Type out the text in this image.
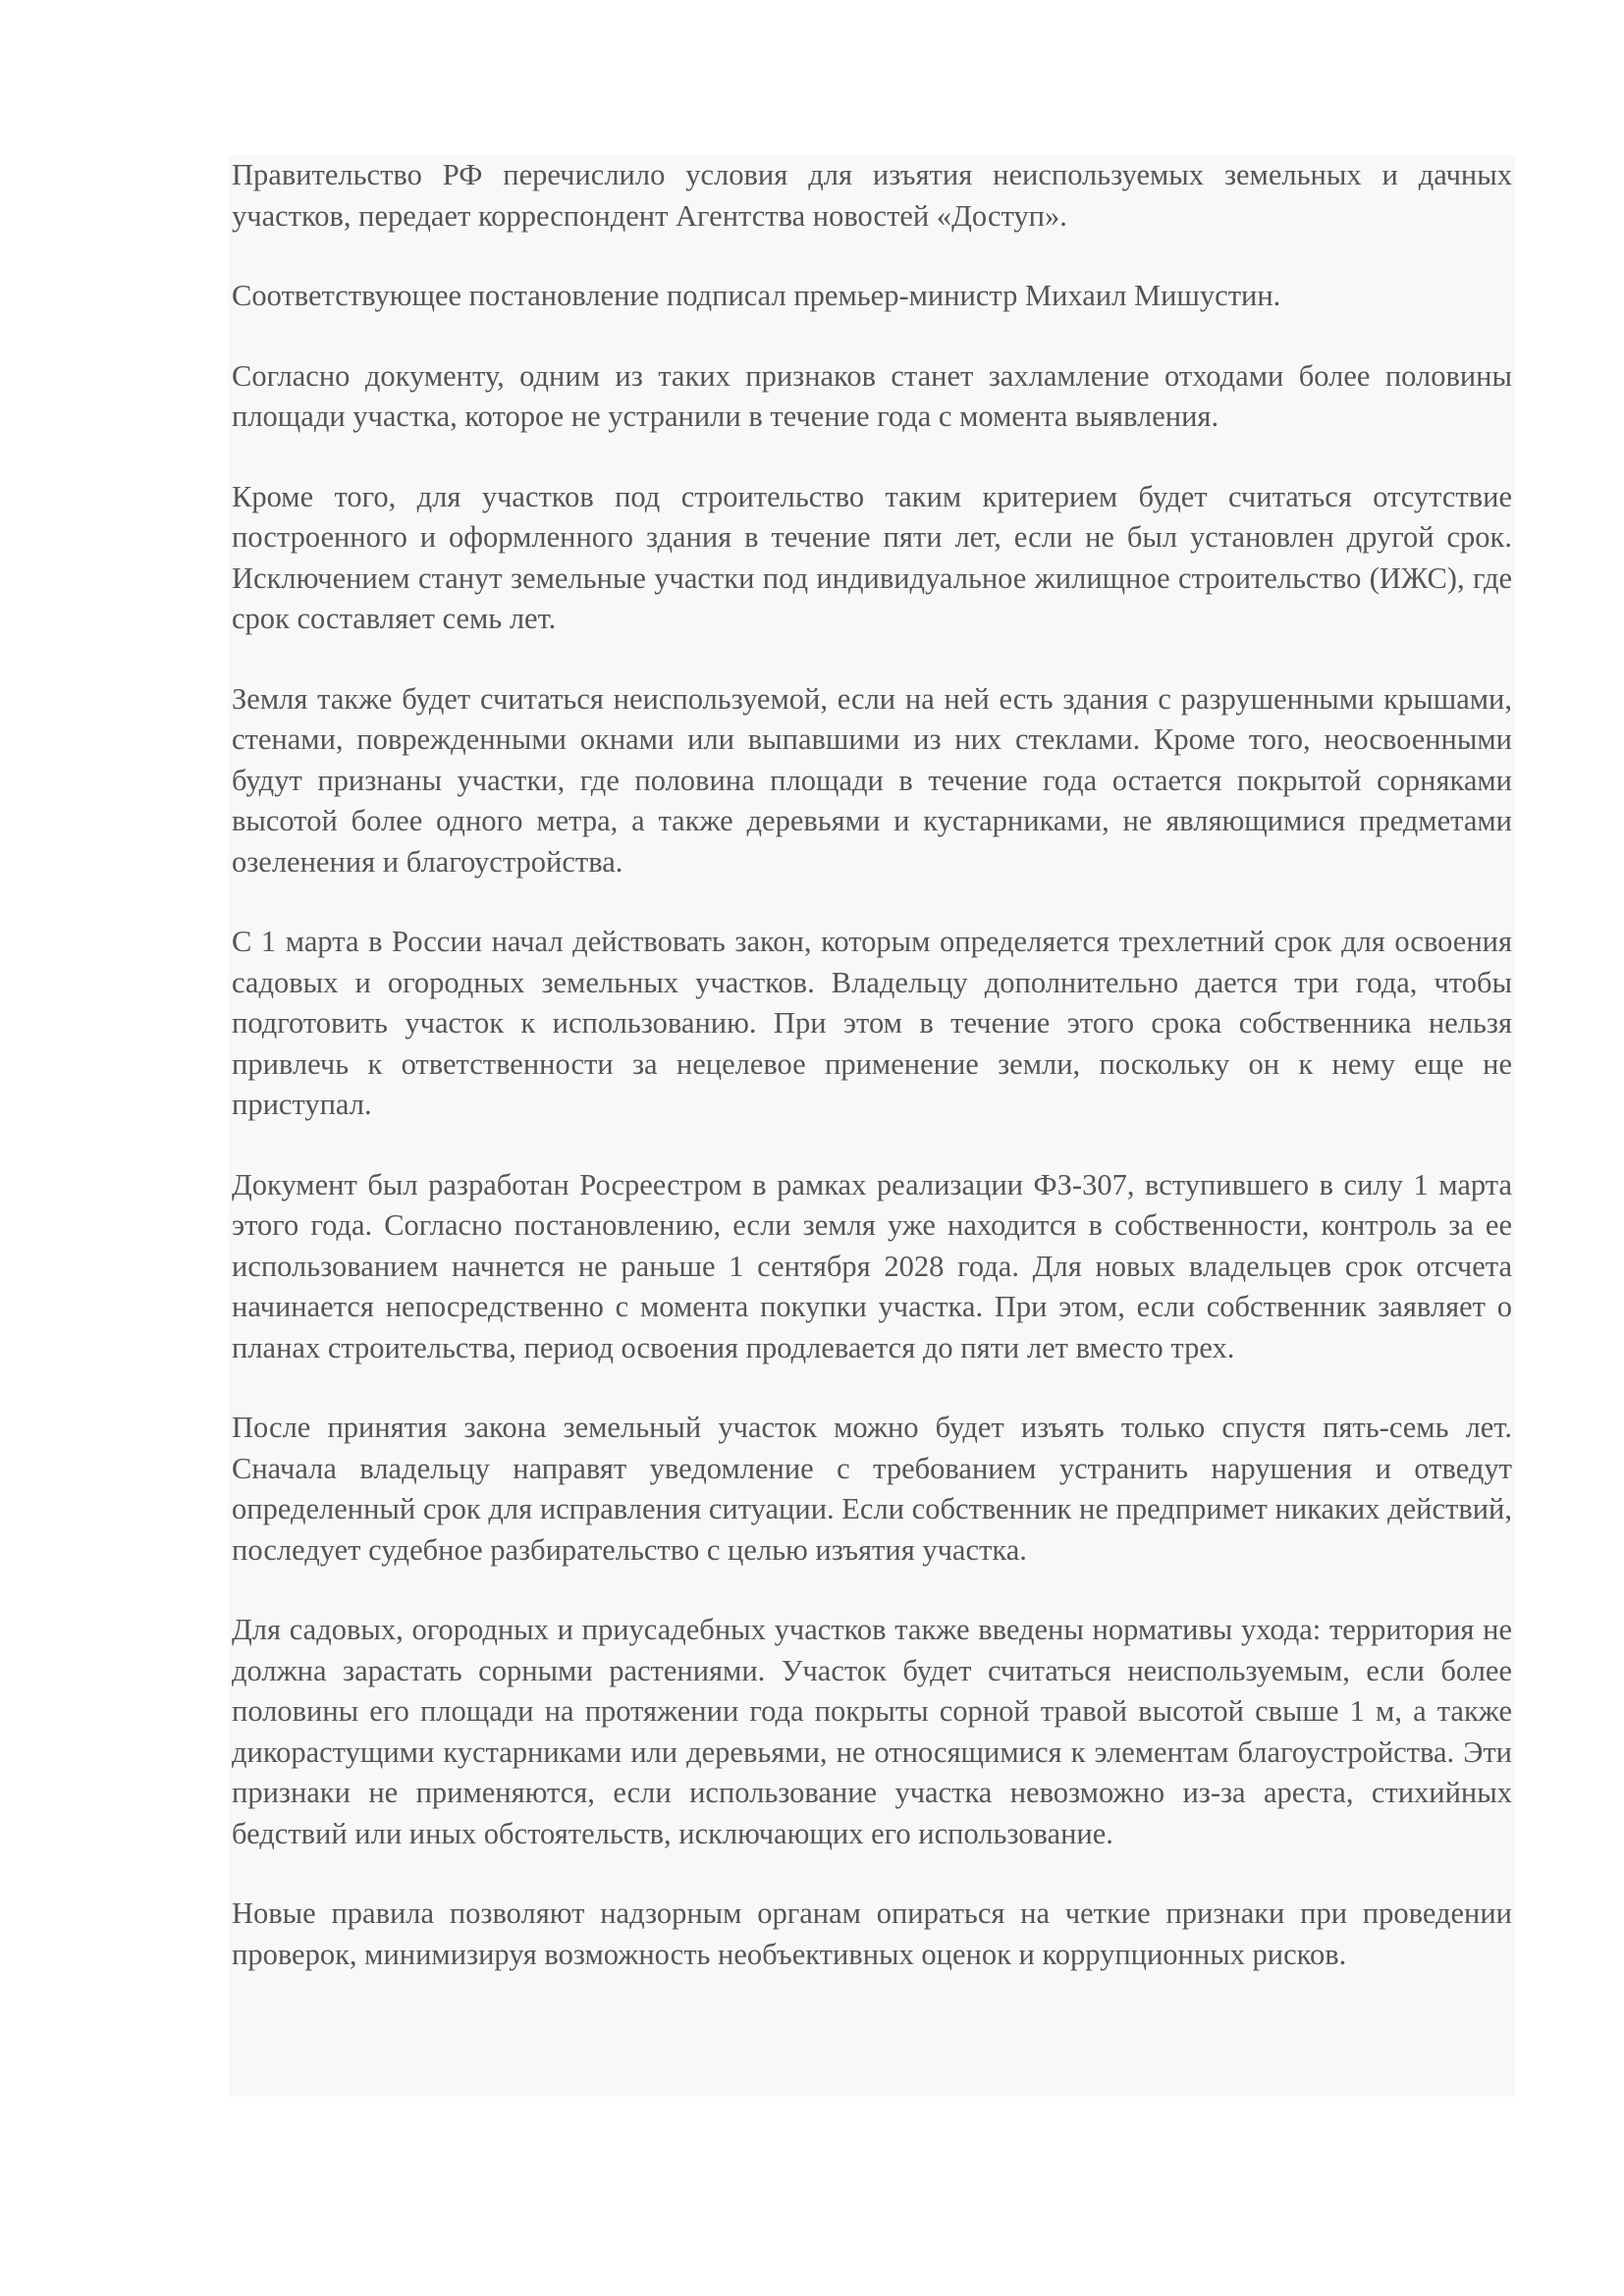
Правительство РФ перечислило условия для изъятия неиспользуемых земельных и дачных участков, передает корреспондент Агентства новостей «Доступ».

Соответствующее постановление подписал премьер-министр Михаил Мишустин.

Согласно документу, одним из таких признаков станет захламление отходами более половины площади участка, которое не устранили в течение года с момента выявления.

Кроме того, для участков под строительство таким критерием будет считаться отсутствие построенного и оформленного здания в течение пяти лет, если не был установлен другой срок. Исключением станут земельные участки под индивидуальное жилищное строительство (ИЖС), где срок составляет семь лет.

Земля также будет считаться неиспользуемой, если на ней есть здания с разрушенными крышами, стенами, поврежденными окнами или выпавшими из них стеклами. Кроме того, неосвоенными будут признаны участки, где половина площади в течение года остается покрытой сорняками высотой более одного метра, а также деревьями и кустарниками, не являющимися предметами озеленения и благоустройства.

С 1 марта в России начал действовать закон, которым определяется трехлетний срок для освоения садовых и огородных земельных участков. Владельцу дополнительно дается три года, чтобы подготовить участок к использованию. При этом в течение этого срока собственника нельзя привлечь к ответственности за нецелевое применение земли, поскольку он к нему еще не приступал.

Документ был разработан Росреестром в рамках реализации ФЗ-307, вступившего в силу 1 марта этого года. Согласно постановлению, если земля уже находится в собственности, контроль за ее использованием начнется не раньше 1 сентября 2028 года. Для новых владельцев срок отсчета начинается непосредственно с момента покупки участка. При этом, если собственник заявляет о планах строительства, период освоения продлевается до пяти лет вместо трех.

После принятия закона земельный участок можно будет изъять только спустя пять-семь лет. Сначала владельцу направят уведомление с требованием устранить нарушения и отведут определенный срок для исправления ситуации. Если собственник не предпримет никаких действий, последует судебное разбирательство с целью изъятия участка.

Для садовых, огородных и приусадебных участков также введены нормативы ухода: территория не должна зарастать сорными растениями. Участок будет считаться неиспользуемым, если более половины его площади на протяжении года покрыты сорной травой высотой свыше 1 м, а также дикорастущими кустарниками или деревьями, не относящимися к элементам благоустройства. Эти признаки не применяются, если использование участка невозможно из-за ареста, стихийных бедствий или иных обстоятельств, исключающих его использование.

Новые правила позволяют надзорным органам опираться на четкие признаки при проведении проверок, минимизируя возможность необъективных оценок и коррупционных рисков.
